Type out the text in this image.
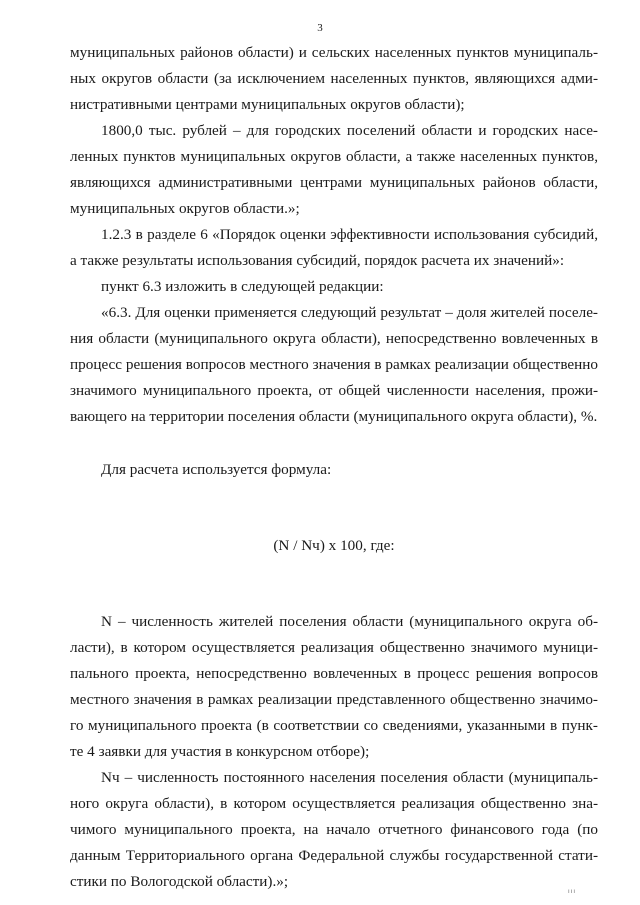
3
муниципальных районов области) и сельских населенных пунктов муниципаль-
ных округов области (за исключением населенных пунктов, являющихся адми-
нистративными центрами муниципальных округов области);
1800,0 тыс. рублей – для городских поселений области и городских насе-
ленных пунктов муниципальных округов области, а также населенных пунктов,
являющихся административными центрами муниципальных районов области,
муниципальных округов области.»;
1.2.3 в разделе 6 «Порядок оценки эффективности использования субсидий,
а также результаты использования субсидий, порядок расчета их значений»:
пункт 6.3 изложить в следующей редакции:
«6.3. Для оценки применяется следующий результат – доля жителей поселе-
ния области (муниципального округа области), непосредственно вовлеченных в
процесс решения вопросов местного значения в рамках реализации общественно
значимого муниципального проекта, от общей численности населения, прожи-
вающего на территории поселения области (муниципального округа области), %.
Для расчета используется формула:
(N / Nч) х 100, где:
N – численность жителей поселения области (муниципального округа об-
ласти), в котором осуществляется реализация общественно значимого муници-
пального проекта, непосредственно вовлеченных в процесс решения вопросов
местного значения в рамках реализации представленного общественно значимо-
го муниципального проекта (в соответствии со сведениями, указанными в пунк-
те 4 заявки для участия в конкурсном отборе);
Nч – численность постоянного населения поселения области (муниципаль-
ного округа области), в котором осуществляется реализация общественно зна-
чимого муниципального проекта, на начало отчетного финансового года (по
данным Территориального органа Федеральной службы государственной стати-
стики по Вологодской области).»;
ııı
